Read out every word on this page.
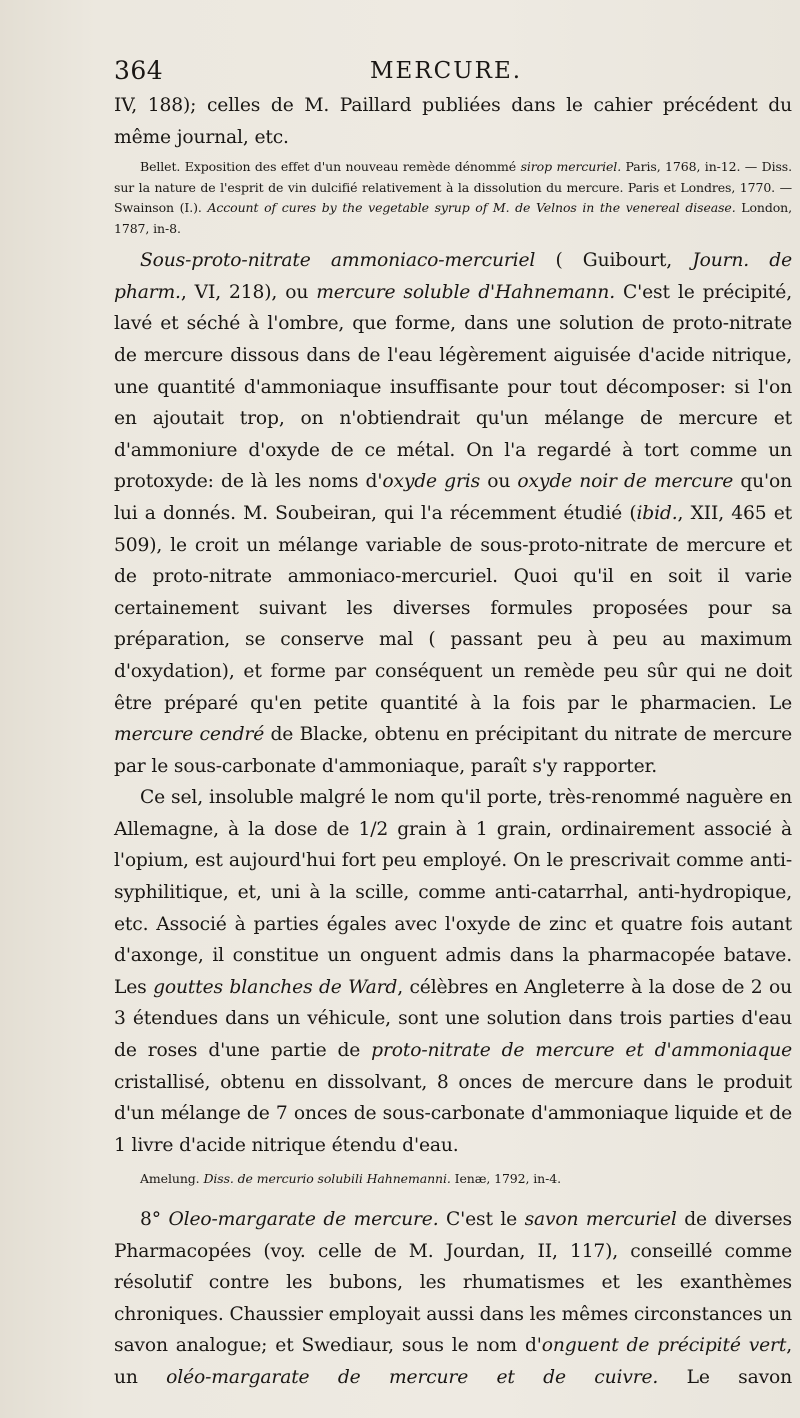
364	MERCURE.

IV, 188); celles de M. Paillard publiées dans le cahier précédent du même journal, etc.

Bellet. Exposition des effet d'un nouveau remède dénommé sirop mercuriel. Paris, 1768, in-12. — Diss. sur la nature de l'esprit de vin dulcifié relativement à la dissolution du mercure. Paris et Londres, 1770. — Swainson (I.). Account of cures by the vegetable syrup of M. de Velnos in the venereal disease. London, 1787, in-8.

Sous-proto-nitrate ammoniaco-mercuriel ( Guibourt, Journ. de pharm., VI, 218), ou mercure soluble d'Hahnemann. C'est le précipité, lavé et séché à l'ombre, que forme, dans une solution de proto-nitrate de mercure dissous dans de l'eau légèrement aiguisée d'acide nitrique, une quantité d'ammoniaque insuffisante pour tout décomposer: si l'on en ajoutait trop, on n'obtiendrait qu'un mélange de mercure et d'ammoniure d'oxyde de ce métal. On l'a regardé à tort comme un protoxyde: de là les noms d'oxyde gris ou oxyde noir de mercure qu'on lui a donnés. M. Soubeiran, qui l'a récemment étudié (ibid., XII, 465 et 509), le croit un mélange variable de sous-proto-nitrate de mercure et de proto-nitrate ammoniaco-mercuriel. Quoi qu'il en soit il varie certainement suivant les diverses formules proposées pour sa préparation, se conserve mal ( passant peu à peu au maximum d'oxydation), et forme par conséquent un remède peu sûr qui ne doit être préparé qu'en petite quantité à la fois par le pharmacien. Le mercure cendré de Blacke, obtenu en précipitant du nitrate de mercure par le sous-carbonate d'ammoniaque, paraît s'y rapporter.

Ce sel, insoluble malgré le nom qu'il porte, très-renommé naguère en Allemagne, à la dose de 1/2 grain à 1 grain, ordinairement associé à l'opium, est aujourd'hui fort peu employé. On le prescrivait comme anti-syphilitique, et, uni à la scille, comme anti-catarrhal, anti-hydropique, etc. Associé à parties égales avec l'oxyde de zinc et quatre fois autant d'axonge, il constitue un onguent admis dans la pharmacopée batave. Les gouttes blanches de Ward, célèbres en Angleterre à la dose de 2 ou 3 étendues dans un véhicule, sont une solution dans trois parties d'eau de roses d'une partie de proto-nitrate de mercure et d'ammoniaque cristallisé, obtenu en dissolvant, 8 onces de mercure dans le produit d'un mélange de 7 onces de sous-carbonate d'ammoniaque liquide et de 1 livre d'acide nitrique étendu d'eau.

Amelung. Diss. de mercurio solubili Hahnemanni. Ienæ, 1792, in-4.

8° Oleo-margarate de mercure. C'est le savon mercuriel de diverses Pharmacopées (voy. celle de M. Jourdan, II, 117), conseillé comme résolutif contre les bubons, les rhumatismes et les exanthèmes chroniques. Chaussier employait aussi dans les mêmes circonstances un savon analogue; et Swediaur, sous le nom d'onguent de précipité vert, un oléo-margarate de mercure et de cuivre. Le savon
